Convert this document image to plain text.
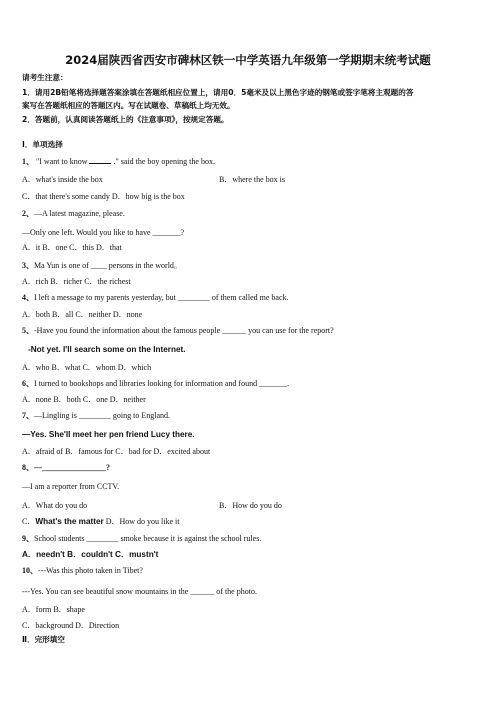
2024届陕西省西安市碑林区铁一中学英语九年级第一学期期末统考试题
请考生注意：
1．请用2B铅笔将选择题答案涂填在答题纸相应位置上，请用0．5毫米及以上黑色字迹的钢笔或签字笔将主观题的答
案写在答题纸相应的答题区内。写在试题卷、草稿纸上均无效。
2．答题前，认真阅读答题纸上的《注意事项》，按规定答题。
Ⅰ．单项选择
1、 "I want to know	." said the boy opening the box.
A．what's inside the box	B．where the box is
C．that there's some candy D．how big is the box
2、—A latest magazine, please.
—Only one left. Would you like to have _______?
A．it B．one C．this D．that
3、Ma Yun is one of ____ persons in the world。
A．rich B．richer C．the richest
4、I left a message to my parents yesterday, but ________ of them called me back.
A．both B．all C．neither D．none
5、-Have you found the information about the famous people ______ you can use for the report?
-Not yet. I'll search some on the Internet.
A．who B．what C．whom D．which
6、I turned to bookshops and libraries looking for information and found _______.
A．none B．both C．one D．neither
7、—Lingling is ________ going to England.
—Yes. She'll meet her pen friend Lucy there.
A．afraid of B．famous for C．bad for D．excited about
8、—________________?
—I am a reporter from CCTV.
A．What do you do	B．How do you do
C．What's the matter D．How do you like it
9、School students ________ smoke because it is against the school rules.
A．needn't B．couldn't C．mustn't
10、---Was this photo taken in Tibet?
---Yes. You can see beautiful snow mountains in the ______ of the photo.
A．form B．shape
C．background D．Direction
Ⅱ．完形填空
